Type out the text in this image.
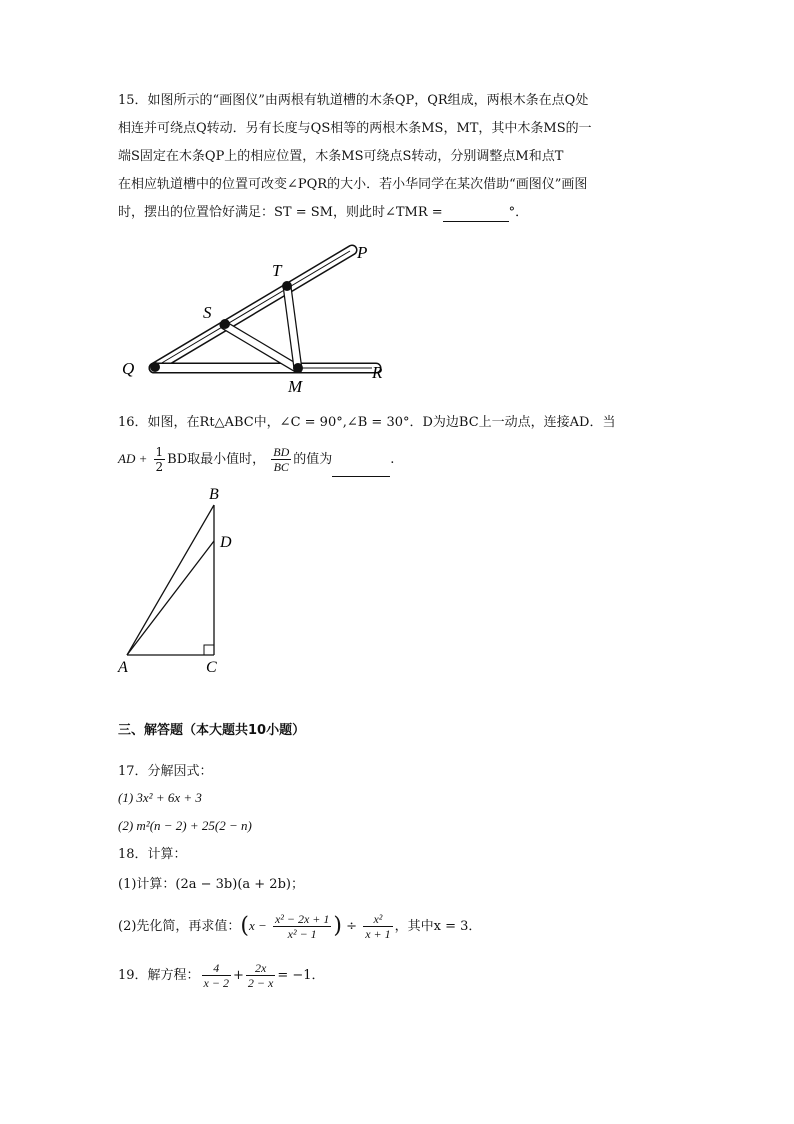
15．如图所示的“画图仪”由两根有轨道槽的木条QP，QR组成，两根木条在点Q处
相连并可绕点Q转动．另有长度与QS相等的两根木条MS，MT，其中木条MS的一
端S固定在木条QP上的相应位置，木条MS可绕点S转动，分别调整点M和点T
在相应轨道槽中的位置可改变∠PQR的大小．若小华同学在某次借助“画图仪”画图
时，摆出的位置恰好满足：ST = SM，则此时∠TMR =	°．
P
T
S
Q
M
R
16．如图，在Rt△ABC中，∠C = 90°,∠B = 30°．D为边BC上一动点，连接AD．当
AD + $\frac{1}{2}$ BD取最小值时， $\frac{BD}{BC}$ 的值为	.
B
D
A	C
三、解答题（本大题共10小题）
17．分解因式：
(1) 3x² + 6x + 3
(2) m²(n − 2) + 25(2 − n)
18．计算：
(1)计算：(2a − 3b)(a + 2b)；
(2)先化简，再求值：($x - \frac{\text{x² − 2x + 1}}{\text{x² − 1}}$ ) ÷ $\frac{\text{x²}}{x + 1}$ ，其中x = 3．
19．解方程： $\frac{4}{x - 2} + \frac{2x}{2 - x} = -1$．
